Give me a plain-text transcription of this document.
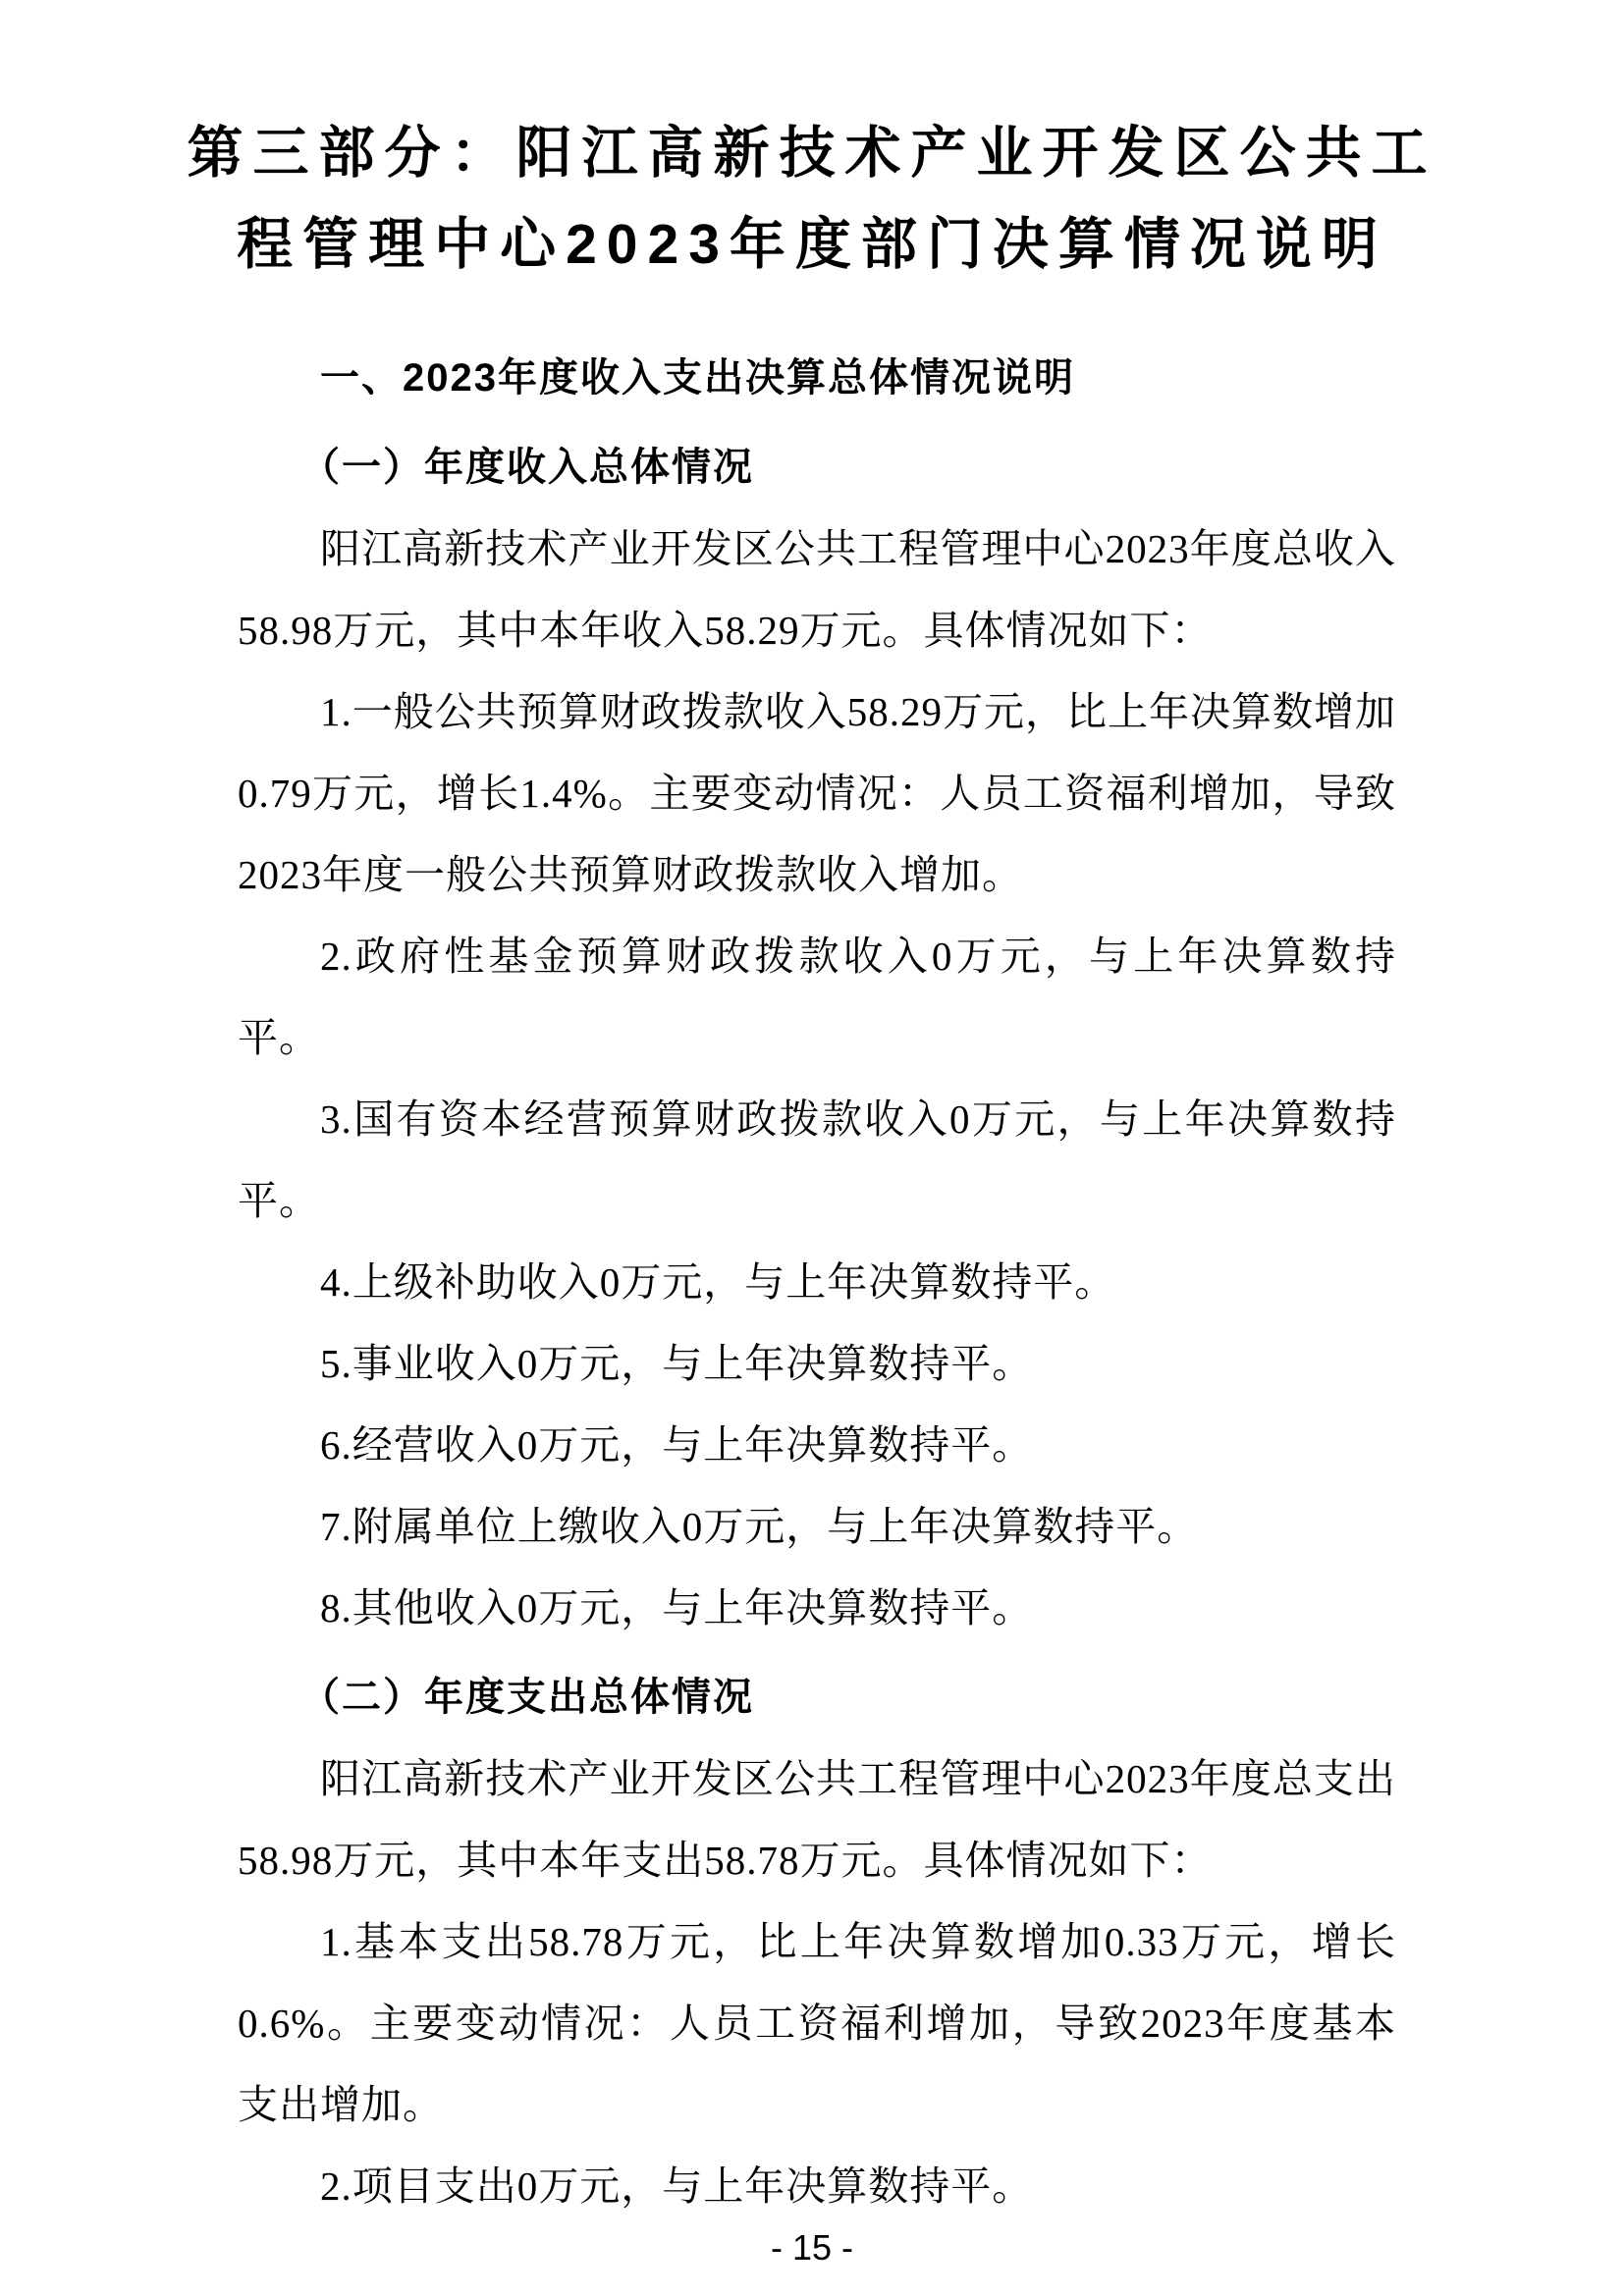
第三部分：阳江高新技术产业开发区公共工
程管理中心2023年度部门决算情况说明
一、2023年度收入支出决算总体情况说明
（一）年度收入总体情况

阳江高新技术产业开发区公共工程管理中心2023年度总收入58.98万元，其中本年收入58.29万元。具体情况如下：

1.一般公共预算财政拨款收入58.29万元，比上年决算数增加0.79万元，增长1.4%。主要变动情况：人员工资福利增加，导致2023年度一般公共预算财政拨款收入增加。

2.政府性基金预算财政拨款收入0万元，与上年决算数持平。

3.国有资本经营预算财政拨款收入0万元，与上年决算数持平。

4.上级补助收入0万元，与上年决算数持平。

5.事业收入0万元，与上年决算数持平。

6.经营收入0万元，与上年决算数持平。

7.附属单位上缴收入0万元，与上年决算数持平。

8.其他收入0万元，与上年决算数持平。

（二）年度支出总体情况

阳江高新技术产业开发区公共工程管理中心2023年度总支出58.98万元，其中本年支出58.78万元。具体情况如下：

1.基本支出58.78万元，比上年决算数增加0.33万元，增长0.6%。主要变动情况：人员工资福利增加，导致2023年度基本支出增加。

2.项目支出0万元，与上年决算数持平。

- 15 -
